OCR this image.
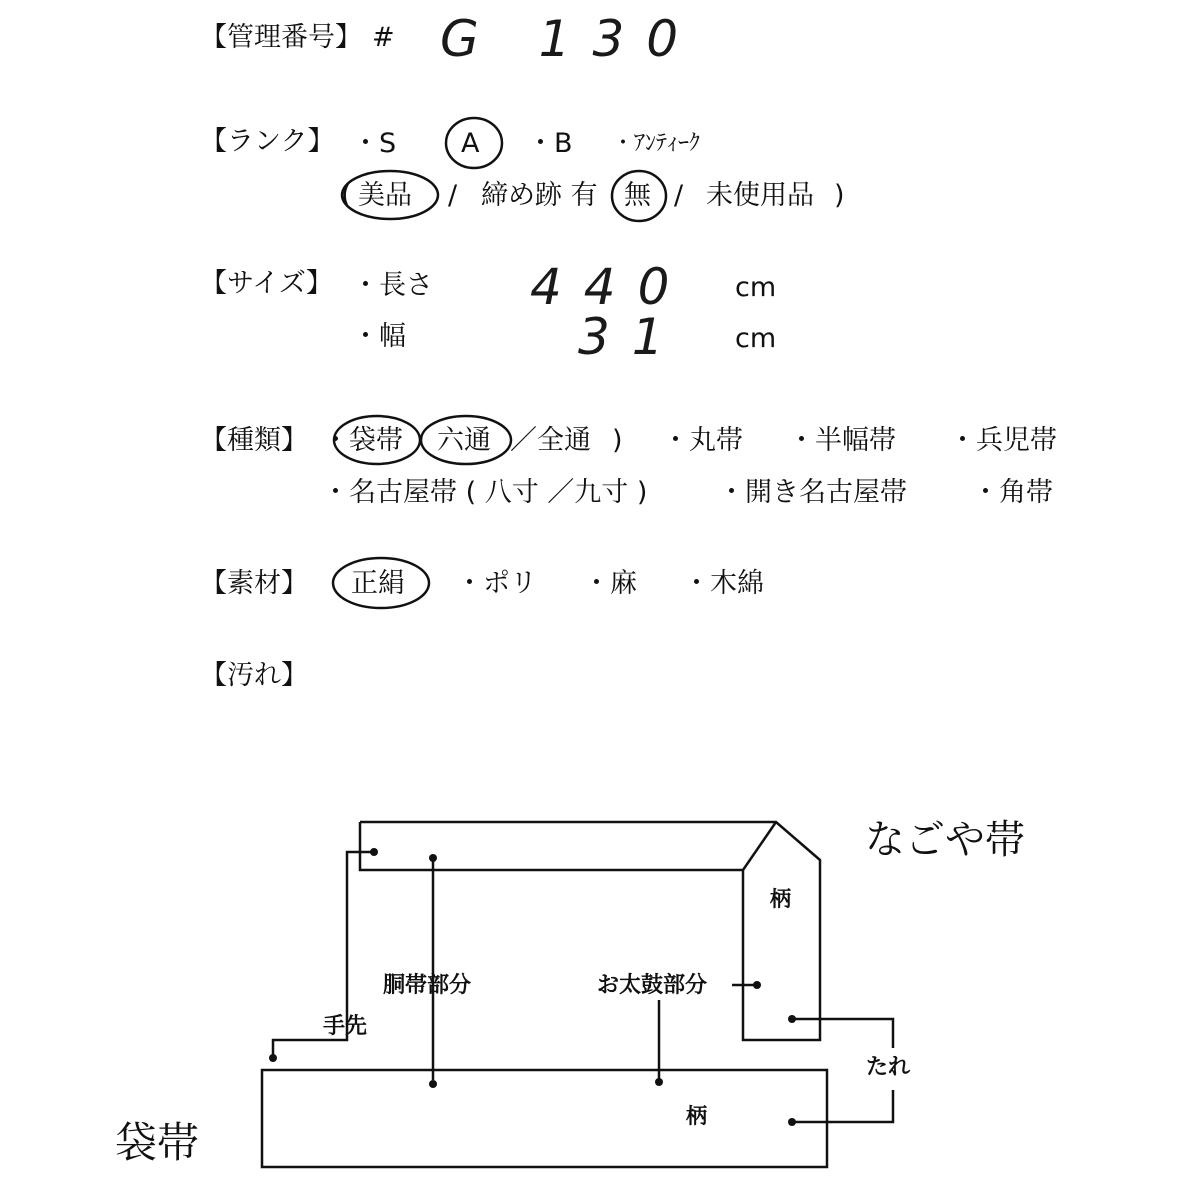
【管理番号】 # G 130
【ランク】 ・S A ・B ・ｱﾝﾃｨｰｸ
( 美品 / 締め跡 有 無 / 未使用品 )
【サイズ】 ・長さ 440 cm
・幅	31 cm
【種類】 ・ 袋帯 六通 ／全通 ) ・丸帯 ・半幅帯 ・兵児帯
・名古屋帯 ( 八寸 ／九寸 )	・開き名古屋帯 ・角帯
【素材】 正絹 ・ポリ ・麻 ・木綿
【汚れ】
なごや帯
袋帯
柄
柄
胴帯部分	お太鼓部分
手先
たれ
